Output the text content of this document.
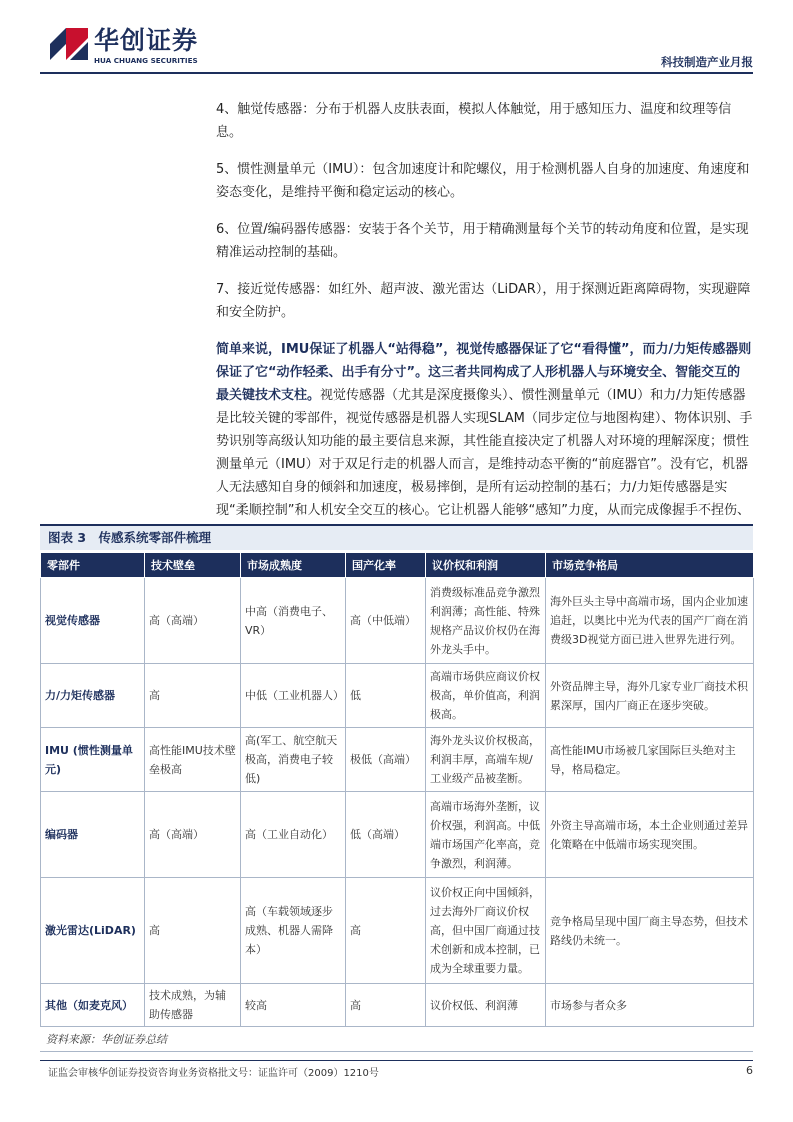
华创证券
HUA CHUANG SECURITIES	科技制造产业月报

4、触觉传感器：分布于机器人皮肤表面，模拟人体触觉，用于感知压力、温度和纹理等信息。

5、惯性测量单元（IMU）：包含加速度计和陀螺仪，用于检测机器人自身的加速度、角速度和姿态变化，是维持平衡和稳定运动的核心。

6、位置/编码器传感器：安装于各个关节，用于精确测量每个关节的转动角度和位置，是实现精准运动控制的基础。

7、接近觉传感器：如红外、超声波、激光雷达（LiDAR），用于探测近距离障碍物，实现避障和安全防护。

简单来说，IMU保证了机器人“站得稳”，视觉传感器保证了它“看得懂”，而力/力矩传感器则保证了它“动作轻柔、出手有分寸”。这三者共同构成了人形机器人与环境安全、智能交互的最关键技术支柱。视觉传感器（尤其是深度摄像头）、惯性测量单元（IMU）和力/力矩传感器是比较关键的零部件，视觉传感器是机器人实现SLAM（同步定位与地图构建）、物体识别、手势识别等高级认知功能的最主要信息来源，其性能直接决定了机器人对环境的理解深度；惯性测量单元（IMU）对于双足行走的机器人而言，是维持动态平衡的“前庭器官”。没有它，机器人无法感知自身的倾斜和加速度，极易摔倒，是所有运动控制的基石；力/力矩传感器是实现“柔顺控制”和人机安全交互的核心。它让机器人能够“感知”力度，从而完成像握手不捏伤、

图表 3　传感系统零部件梳理
零部件	技术壁垒	市场成熟度	国产化率	议价权和利润	市场竞争格局
视觉传感器	高（高端）	中高（消费电子、VR）	高（中低端）	消费级标准品竞争激烈利润薄；高性能、特殊规格产品议价权仍在海外龙头手中。	海外巨头主导中高端市场，国内企业加速追赶，以奥比中光为代表的国产厂商在消费级3D视觉方面已进入世界先进行列。
力/力矩传感器	高	中低（工业机器人）	低	高端市场供应商议价权极高，单价值高，利润极高。	外资品牌主导，海外几家专业厂商技术积累深厚，国内厂商正在逐步突破。
IMU (惯性测量单元)	高性能IMU技术壁垒极高	高(军工、航空航天极高，消费电子较低)	极低（高端）	海外龙头议价权极高，利润丰厚，高端车规/工业级产品被垄断。	高性能IMU市场被几家国际巨头绝对主导，格局稳定。
编码器	高（高端）	高（工业自动化）	低（高端）	高端市场海外垄断，议价权强，利润高。中低端市场国产化率高，竞争激烈，利润薄。	外资主导高端市场，本土企业则通过差异化策略在中低端市场实现突围。
激光雷达(LiDAR)	高	高（车载领域逐步成熟、机器人需降本）	高	议价权正向中国倾斜，过去海外厂商议价权高，但中国厂商通过技术创新和成本控制，已成为全球重要力量。	竞争格局呈现中国厂商主导态势，但技术路线仍未统一。
其他（如麦克风）	技术成熟，为辅助传感器	较高	高	议价权低、利润薄	市场参与者众多
资料来源：华创证券总结
证监会审核华创证券投资咨询业务资格批文号：证监许可（2009）1210号	6
